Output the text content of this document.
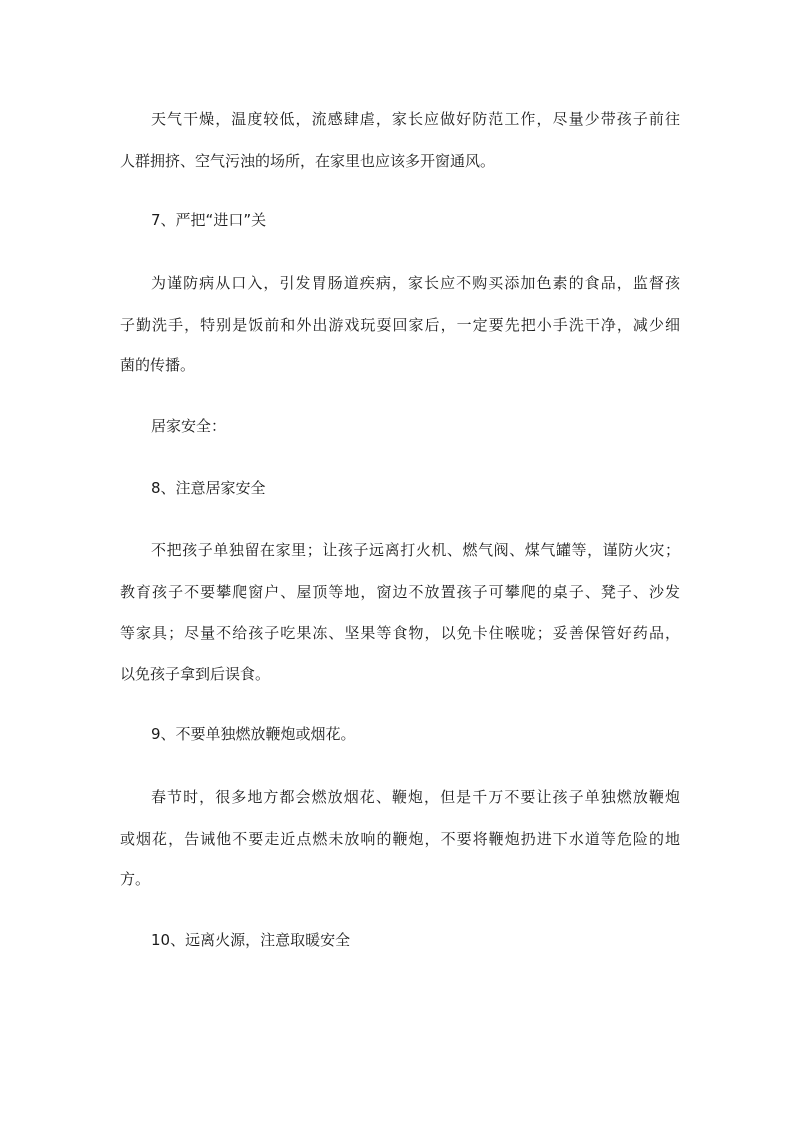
天气干燥，温度较低，流感肆虐，家长应做好防范工作，尽量少带孩子前往
人群拥挤、空气污浊的场所，在家里也应该多开窗通风。
7、严把“进口”关
为谨防病从口入，引发胃肠道疾病，家长应不购买添加色素的食品，监督孩
子勤洗手，特别是饭前和外出游戏玩耍回家后，一定要先把小手洗干净，减少细
菌的传播。
居家安全：
8、注意居家安全
不把孩子单独留在家里；让孩子远离打火机、燃气阀、煤气罐等，谨防火灾；
教育孩子不要攀爬窗户、屋顶等地，窗边不放置孩子可攀爬的桌子、凳子、沙发
等家具；尽量不给孩子吃果冻、坚果等食物，以免卡住喉咙；妥善保管好药品，
以免孩子拿到后误食。
9、不要单独燃放鞭炮或烟花。
春节时，很多地方都会燃放烟花、鞭炮，但是千万不要让孩子单独燃放鞭炮
或烟花，告诫他不要走近点燃未放响的鞭炮，不要将鞭炮扔进下水道等危险的地
方。
10、远离火源，注意取暖安全
